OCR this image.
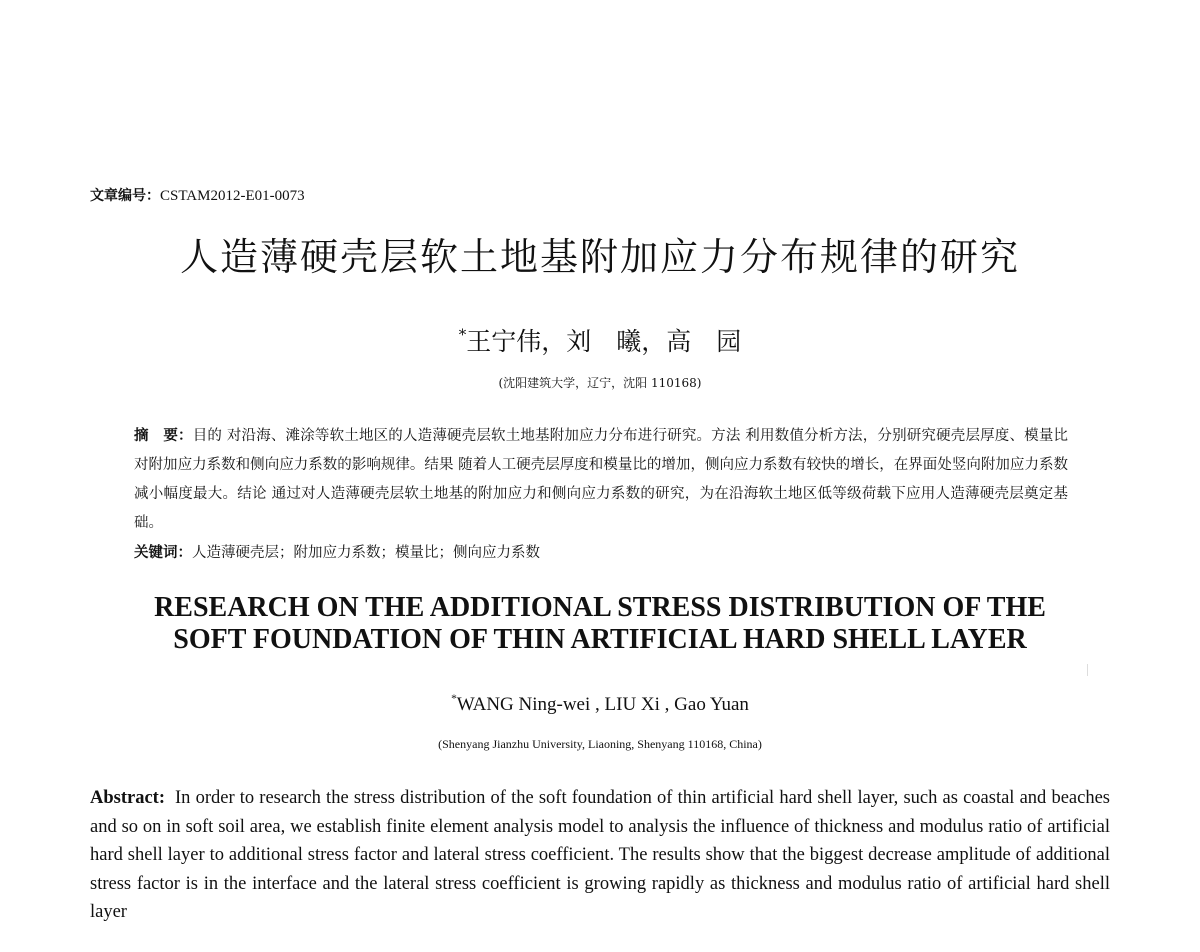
文章编号：CSTAM2012-E01-0073
人造薄硬壳层软土地基附加应力分布规律的研究
*王宁伟，刘　曦，高　园
(沈阳建筑大学，辽宁，沈阳 110168)
摘　要：目的 对沿海、滩涂等软土地区的人造薄硬壳层软土地基附加应力分布进行研究。方法 利用数值分析方法，分别研究硬壳层厚度、模量比对附加应力系数和侧向应力系数的影响规律。结果 随着人工硬壳层厚度和模量比的增加，侧向应力系数有较快的增长，在界面处竖向附加应力系数减小幅度最大。结论 通过对人造薄硬壳层软土地基的附加应力和侧向应力系数的研究，为在沿海软土地区低等级荷载下应用人造薄硬壳层奠定基础。
关键词：人造薄硬壳层；附加应力系数；模量比；侧向应力系数
RESEARCH ON THE ADDITIONAL STRESS DISTRIBUTION OF THE
SOFT FOUNDATION OF THIN ARTIFICIAL HARD SHELL LAYER
*WANG Ning-wei , LIU Xi , Gao Yuan
(Shenyang Jianzhu University, Liaoning, Shenyang 110168, China)
Abstract: In order to research the stress distribution of the soft foundation of thin artificial hard shell layer, such as coastal and beaches and so on in soft soil area, we establish finite element analysis model to analysis the influence of thickness and modulus ratio of artificial hard shell layer to additional stress factor and lateral stress coefficient. The results show that the biggest decrease amplitude of additional stress factor is in the interface and the lateral stress coefficient is growing rapidly as thickness and modulus ratio of artificial hard shell layer
